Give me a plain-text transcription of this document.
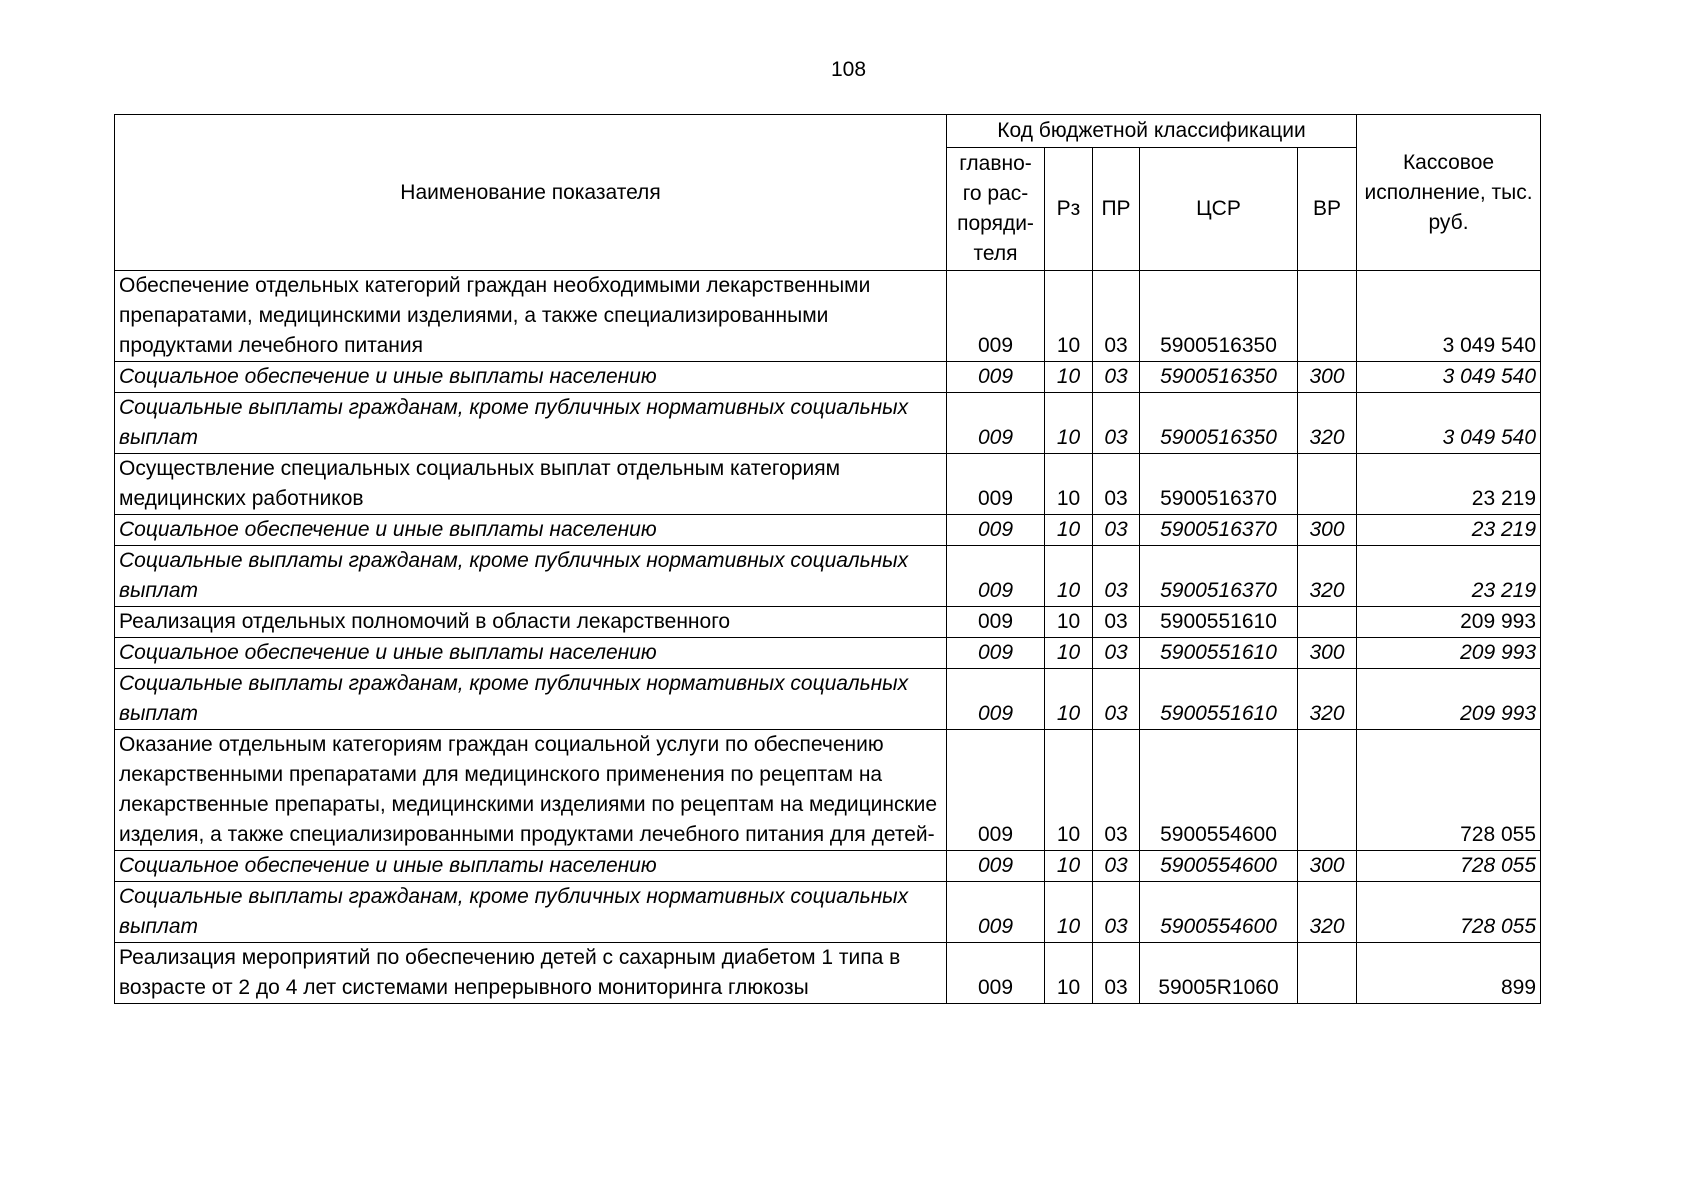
108
Наименование показателя	Код бюджетной классификации					Кассовое исполнение, тыс. руб.
	главно-го рас-поряди-теля	Рз	ПР	ЦСР	ВР	
Обеспечение отдельных категорий граждан необходимыми лекарственными препаратами, медицинскими изделиями, а также специализированными продуктами лечебного питания	009	10	03	5900516350		3 049 540
Социальное обеспечение и иные выплаты населению	009	10	03	5900516350	300	3 049 540
Социальные выплаты гражданам, кроме публичных нормативных социальных выплат	009	10	03	5900516350	320	3 049 540
Осуществление специальных социальных выплат отдельным категориям медицинских работников	009	10	03	5900516370		23 219
Социальное обеспечение и иные выплаты населению	009	10	03	5900516370	300	23 219
Социальные выплаты гражданам, кроме публичных нормативных социальных выплат	009	10	03	5900516370	320	23 219
Реализация отдельных полномочий в области лекарственного	009	10	03	5900551610		209 993
Социальное обеспечение и иные выплаты населению	009	10	03	5900551610	300	209 993
Социальные выплаты гражданам, кроме публичных нормативных социальных выплат	009	10	03	5900551610	320	209 993
Оказание отдельным категориям граждан социальной услуги по обеспечению лекарственными препаратами для медицинского применения по рецептам на лекарственные препараты, медицинскими изделиями по рецептам на медицинские изделия, а также специализированными продуктами лечебного питания для детей-	009	10	03	5900554600		728 055
Социальное обеспечение и иные выплаты населению	009	10	03	5900554600	300	728 055
Социальные выплаты гражданам, кроме публичных нормативных социальных выплат	009	10	03	5900554600	320	728 055
Реализация мероприятий по обеспечению детей с сахарным диабетом 1 типа в возрасте от 2 до 4 лет системами непрерывного мониторинга глюкозы	009	10	03	59005R1060		899
